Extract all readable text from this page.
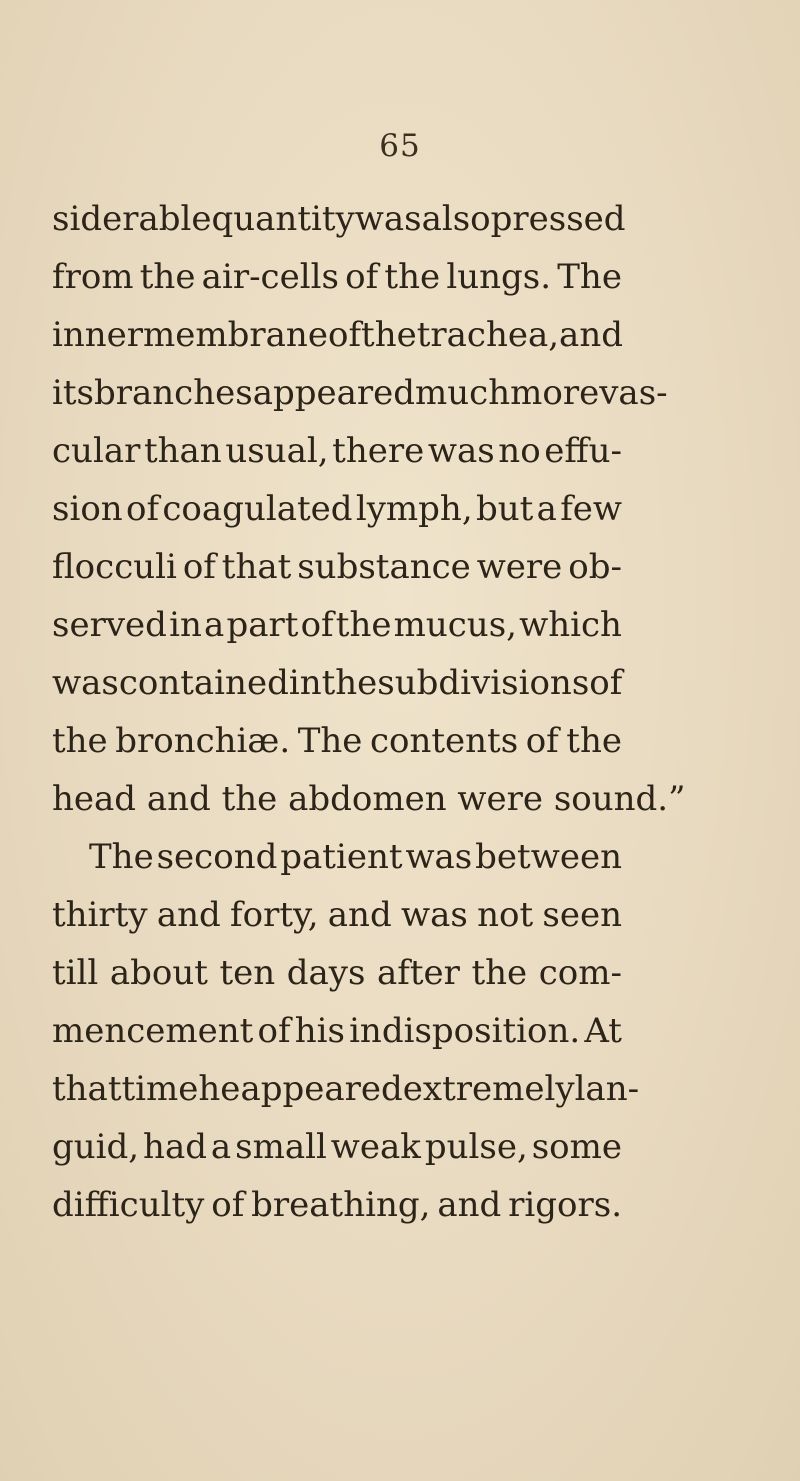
65
siderable quantity was also pressed
from the air-cells of the lungs. The
inner membrane of the trachea, and
its branches appeared much more vas-
cular than usual, there was no effu-
sion of coagulated lymph, but a few
flocculi of that substance were ob-
served in a part of the mucus, which
was contained in the subdivisions of
the bronchiæ. The contents of the
head and the abdomen were sound.”
The second patient was between
thirty and forty, and was not seen
till about ten days after the com-
mencement of his indisposition. At
that time he appeared extremely lan-
guid, had a small weak pulse, some
difficulty of breathing, and rigors.
